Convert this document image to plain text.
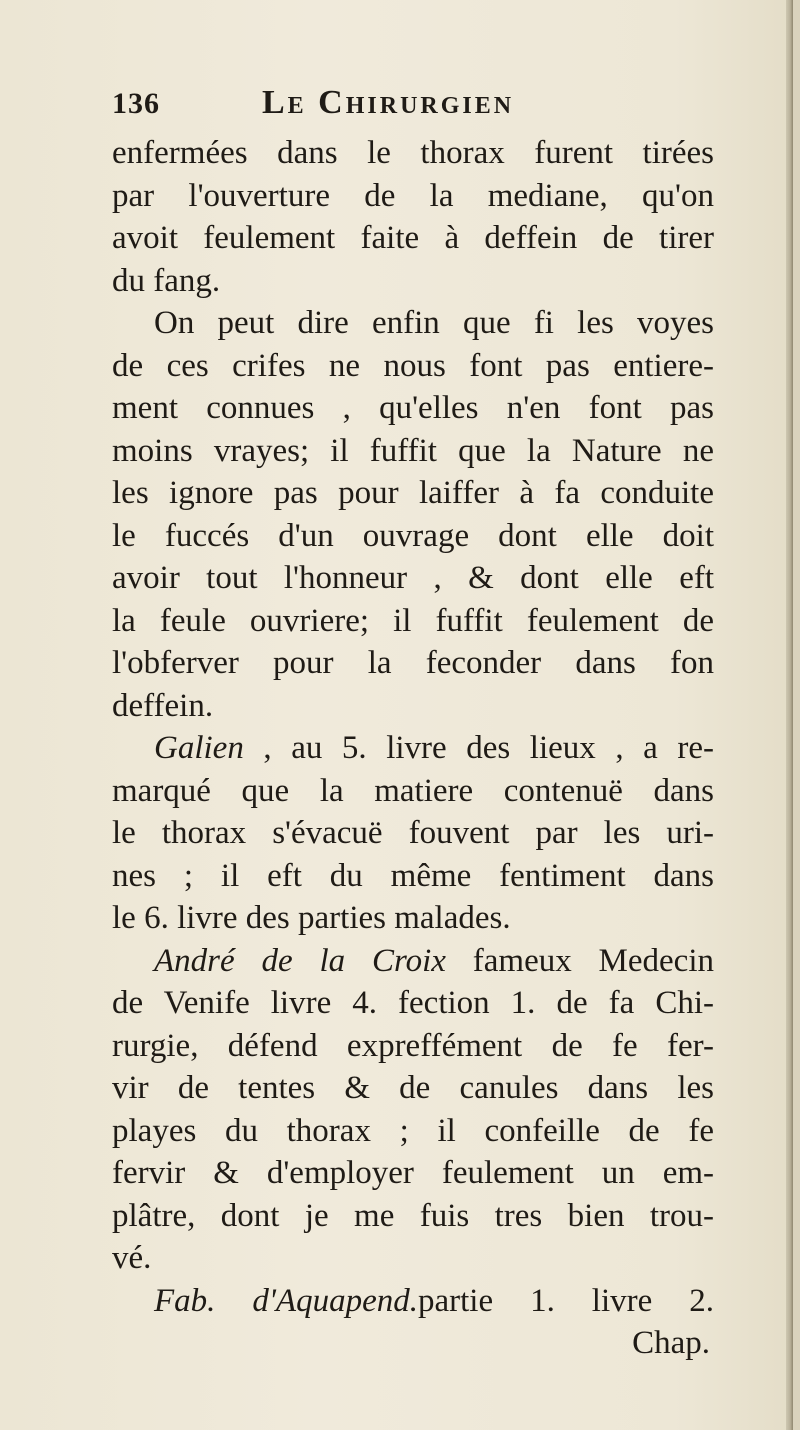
136	Le Chirurgien
enfermées dans le thorax furent tirées
par l'ouverture de la mediane, qu'on
avoit feulement faite à deffein de tirer
du fang.
On peut dire enfin que fi les voyes
de ces crifes ne nous font pas entiere-
ment connues , qu'elles n'en font pas
moins vrayes; il fuffit que la Nature ne
les ignore pas pour laiffer à fa conduite
le fuccés d'un ouvrage dont elle doit
avoir tout l'honneur , & dont elle eft
la feule ouvriere; il fuffit feulement de
l'obferver pour la feconder dans fon
deffein.
Galien , au 5. livre des lieux , a re-
marqué que la matiere contenuë dans
le thorax s'évacuë fouvent par les uri-
nes ; il eft du même fentiment dans
le 6. livre des parties malades.
André de la Croix fameux Medecin
de Venife livre 4. fection 1. de fa Chi-
rurgie, défend expreffément de fe fer-
vir de tentes & de canules dans les
playes du thorax ; il confeille de fe
fervir & d'employer feulement un em-
plâtre, dont je me fuis tres bien trou-
vé.
Fab. d'Aquapend.partie 1. livre 2.
Chap.
